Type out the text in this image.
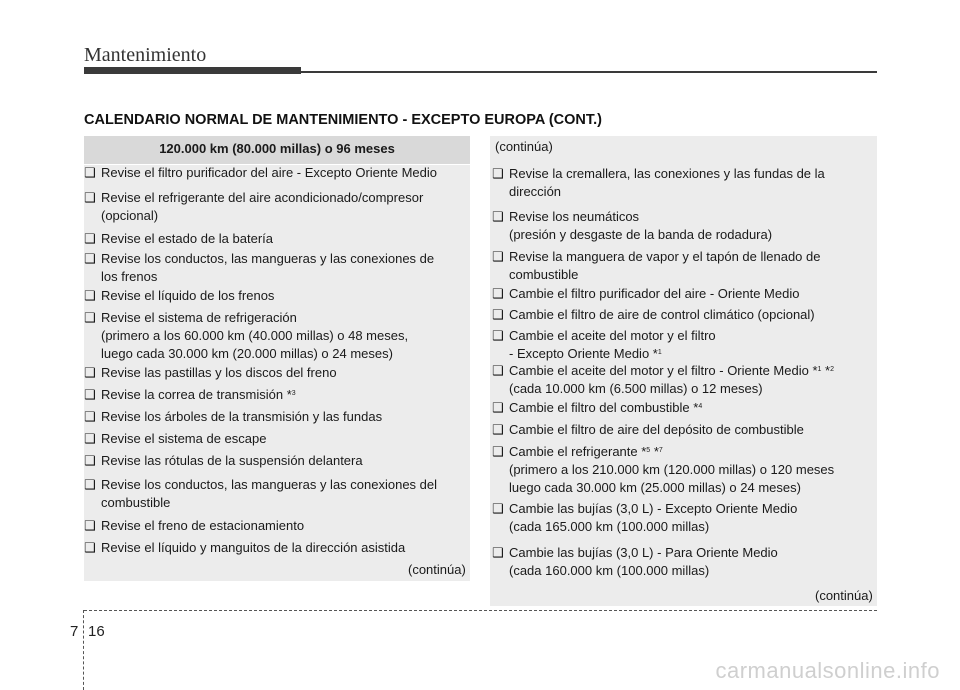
Mantenimiento
CALENDARIO NORMAL DE MANTENIMIENTO - EXCEPTO EUROPA (CONT.)
120.000 km (80.000 millas) o 96 meses
❑ Revise el filtro purificador del aire - Excepto Oriente Medio
❑ Revise el refrigerante del aire acondicionado/compresor
(opcional)
❑ Revise el estado de la batería
❑ Revise los conductos, las mangueras y las conexiones de
los frenos
❑ Revise el líquido de los frenos
❑ Revise el sistema de refrigeración
(primero a los 60.000 km (40.000 millas) o 48 meses,
luego cada 30.000 km (20.000 millas) o 24 meses)
❑ Revise las pastillas y los discos del freno
❑ Revise la correa de transmisión *$^3$
❑ Revise los árboles de la transmisión y las fundas
❑ Revise el sistema de escape
❑ Revise las rótulas de la suspensión delantera
❑ Revise los conductos, las mangueras y las conexiones del
combustible
❑ Revise el freno de estacionamiento
❑ Revise el líquido y manguitos de la dirección asistida
(continúa)
(continúa)
❑ Revise la cremallera, las conexiones y las fundas de la
dirección
❑ Revise los neumáticos
(presión y desgaste de la banda de rodadura)
❑ Revise la manguera de vapor y el tapón de llenado de
combustible
❑ Cambie el filtro purificador del aire - Oriente Medio
❑ Cambie el filtro de aire de control climático (opcional)
❑ Cambie el aceite del motor y el filtro
- Excepto Oriente Medio *$^1$
❑ Cambie el aceite del motor y el filtro - Oriente Medio *$^1$ *$^2$
(cada 10.000 km (6.500 millas) o 12 meses)
❑ Cambie el filtro del combustible *$^4$
❑ Cambie el filtro de aire del depósito de combustible
❑ Cambie el refrigerante *$^5$ *$^7$
(primero a los 210.000 km (120.000 millas) o 120 meses
luego cada 30.000 km (25.000 millas) o 24 meses)
❑ Cambie las bujías (3,0 L) - Excepto Oriente Medio
(cada 165.000 km (100.000 millas)
❑ Cambie las bujías (3,0 L) - Para Oriente Medio
(cada 160.000 km (100.000 millas)
(continúa)
7 16
carmanualsonline.info
